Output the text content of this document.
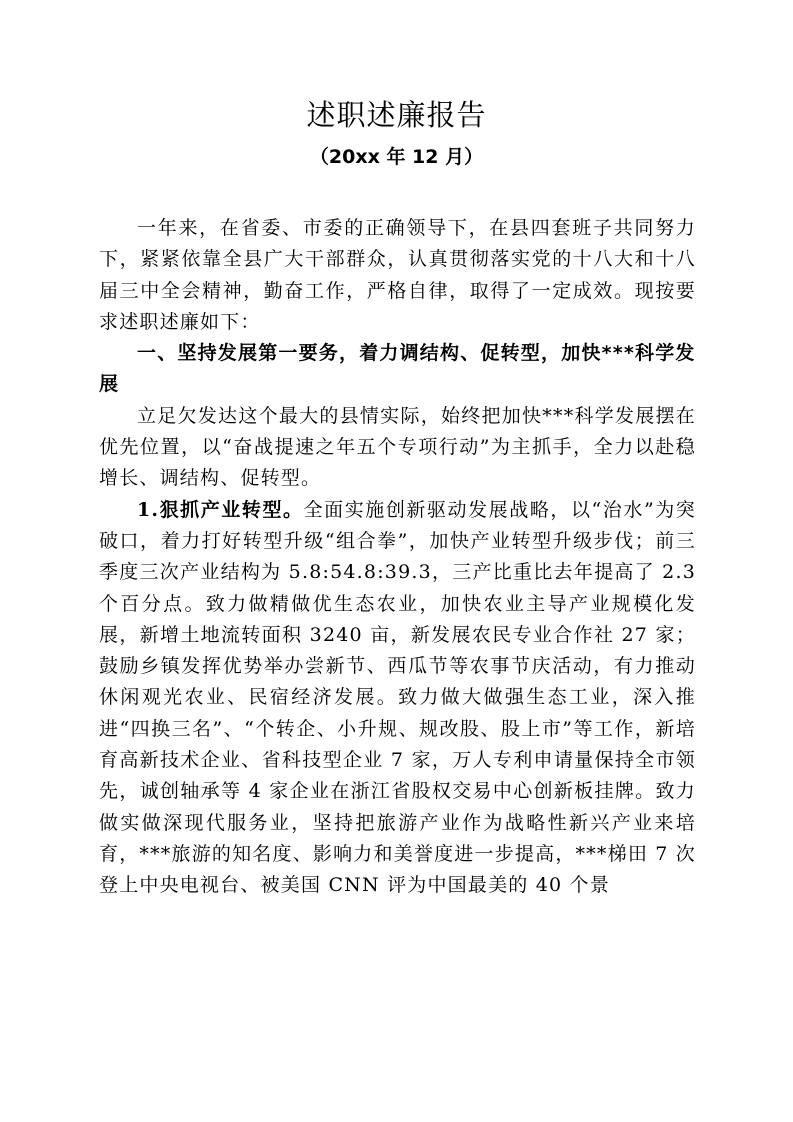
述职述廉报告
（20xx 年 12 月）

一年来，在省委、市委的正确领导下，在县四套班子共同努力下，紧紧依靠全县广大干部群众，认真贯彻落实党的十八大和十八届三中全会精神，勤奋工作，严格自律，取得了一定成效。现按要求述职述廉如下：

一、坚持发展第一要务，着力调结构、促转型，加快***科学发展

立足欠发达这个最大的县情实际，始终把加快***科学发展摆在优先位置，以“奋战提速之年五个专项行动”为主抓手，全力以赴稳增长、调结构、促转型。

1.狠抓产业转型。全面实施创新驱动发展战略，以“治水”为突破口，着力打好转型升级“组合拳”，加快产业转型升级步伐；前三季度三次产业结构为 5.8:54.8:39.3，三产比重比去年提高了 2.3 个百分点。致力做精做优生态农业，加快农业主导产业规模化发展，新增土地流转面积 3240 亩，新发展农民专业合作社 27 家；鼓励乡镇发挥优势举办尝新节、西瓜节等农事节庆活动，有力推动休闲观光农业、民宿经济发展。致力做大做强生态工业，深入推进“四换三名”、“个转企、小升规、规改股、股上市”等工作，新培育高新技术企业、省科技型企业 7 家，万人专利申请量保持全市领先，诚创轴承等 4 家企业在浙江省股权交易中心创新板挂牌。致力做实做深现代服务业，坚持把旅游产业作为战略性新兴产业来培育，***旅游的知名度、影响力和美誉度进一步提高，***梯田 7 次登上中央电视台、被美国 CNN 评为中国最美的 40 个景
